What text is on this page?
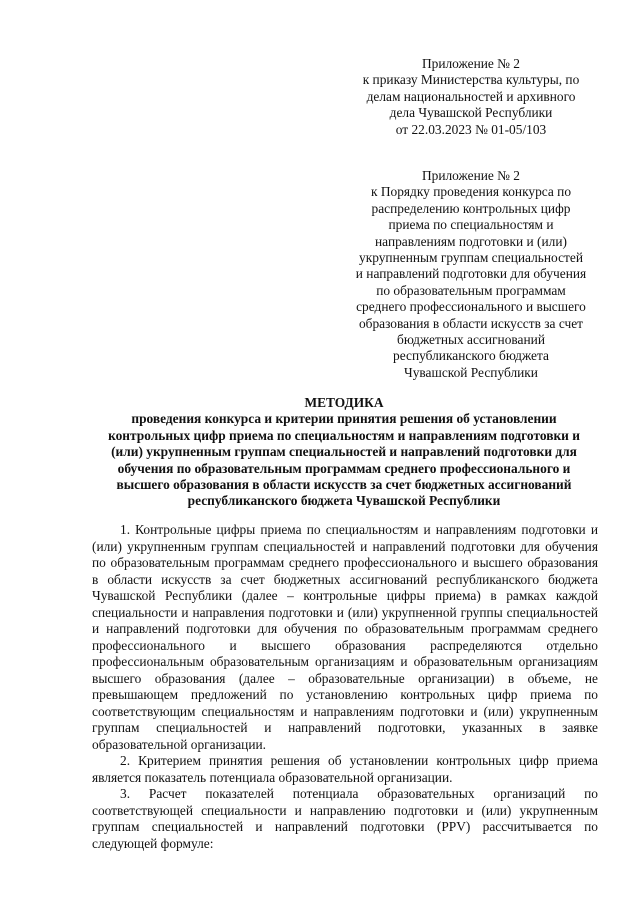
Приложение № 2
к приказу Министерства культуры, по
делам национальностей и архивного
дела Чувашской Республики
от 22.03.2023 № 01-05/103
Приложение № 2
к Порядку проведения конкурса по
распределению контрольных цифр
приема по специальностям и
направлениям подготовки и (или)
укрупненным группам специальностей
и направлений подготовки для обучения
по образовательным программам
среднего профессионального и высшего
образования в области искусств за счет
бюджетных ассигнований
республиканского бюджета
Чувашской Республики
МЕТОДИКА
проведения конкурса и критерии принятия решения об установлении
контрольных цифр приема по специальностям и направлениям подготовки и
(или) укрупненным группам специальностей и направлений подготовки для
обучения по образовательным программам среднего профессионального и
высшего образования в области искусств за счет бюджетных ассигнований
республиканского бюджета Чувашской Республики

1. Контрольные цифры приема по специальностям и направлениям подготовки и (или) укрупненным группам специальностей и направлений подготовки для обучения по образовательным программам среднего профессионального и высшего образования в области искусств за счет бюджетных ассигнований республиканского бюджета Чувашской Республики (далее – контрольные цифры приема) в рамках каждой специальности и направления подготовки и (или) укрупненной группы специальностей и направлений подготовки для обучения по образовательным программам среднего профессионального и высшего образования распределяются отдельно профессиональным образовательным организациям и образовательным организациям высшего образования (далее – образовательные организации) в объеме, не превышающем предложений по установлению контрольных цифр приема по соответствующим специальностям и направлениям подготовки и (или) укрупненным группам специальностей и направлений подготовки, указанных в заявке образовательной организации.

2. Критерием принятия решения об установлении контрольных цифр приема является показатель потенциала образовательной организации.

3. Расчет показателей потенциала образовательных организаций по соответствующей специальности и направлению подготовки и (или) укрупненным группам специальностей и направлений подготовки (PPV) рассчитывается по следующей формуле:
